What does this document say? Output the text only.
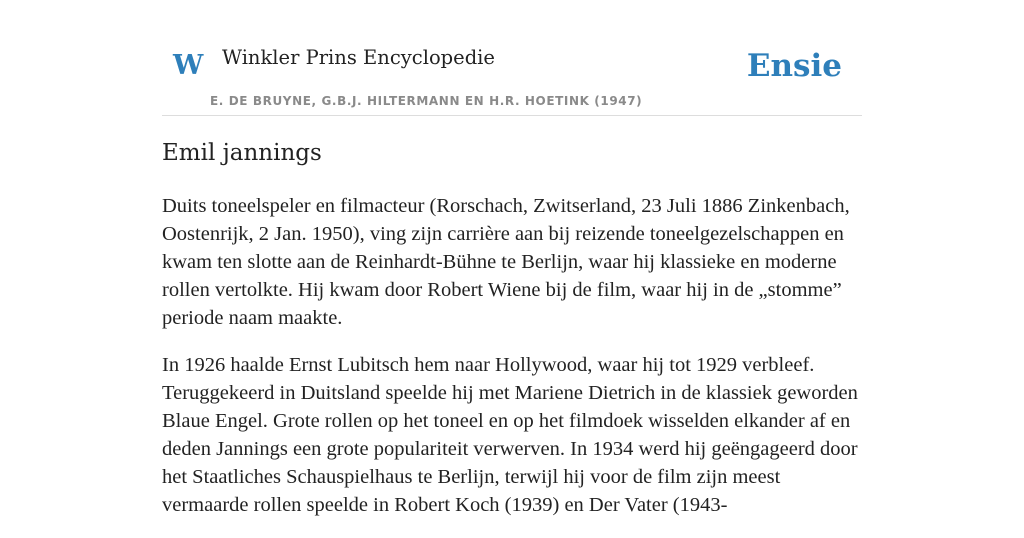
W Winkler Prins Encyclopedie
E. DE BRUYNE, G.B.J. HILTERMANN EN H.R. HOETINK (1947)
Ensie
Emil jannings

Duits toneelspeler en filmacteur (Rorschach, Zwitserland, 23 Juli 1886 Zinkenbach, Oostenrijk, 2 Jan. 1950), ving zijn carrière aan bij reizende toneelgezelschappen en kwam ten slotte aan de Reinhardt-Bühne te Berlijn, waar hij klassieke en moderne rollen vertolkte. Hij kwam door Robert Wiene bij de film, waar hij in de „stomme” periode naam maakte.

In 1926 haalde Ernst Lubitsch hem naar Hollywood, waar hij tot 1929 verbleef. Teruggekeerd in Duitsland speelde hij met Mariene Dietrich in de klassiek geworden Blaue Engel. Grote rollen op het toneel en op het filmdoek wisselden elkander af en deden Jannings een grote populariteit verwerven. In 1934 werd hij geëngageerd door het Staatliches Schauspielhaus te Berlijn, terwijl hij voor de film zijn meest vermaarde rollen speelde in Robert Koch (1939) en Der Vater (1943-
